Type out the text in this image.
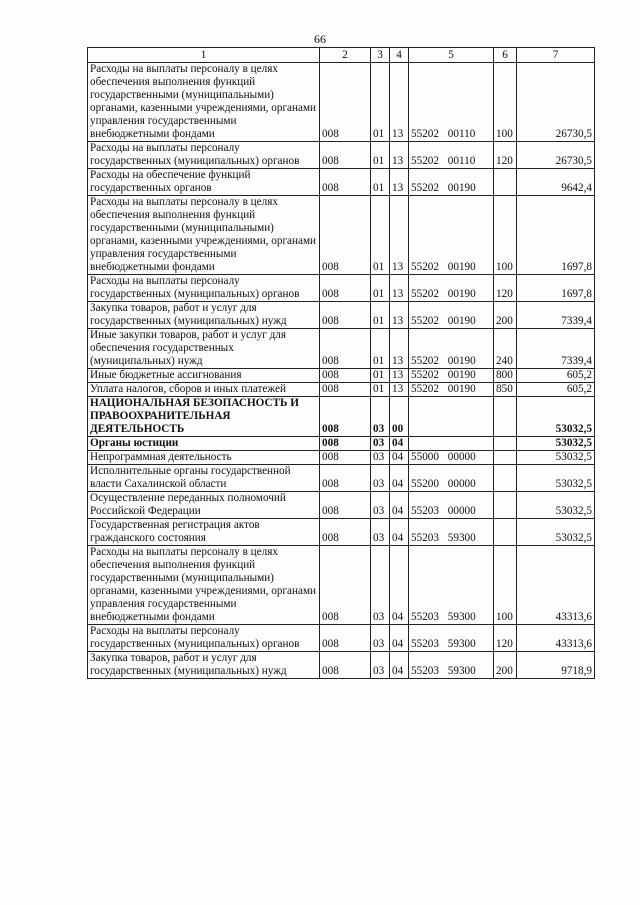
66
1	2	3	4	5	6	7
Расходы на выплаты персоналу в целях обеспечения выполнения функций государственными (муниципальными) органами, казенными учреждениями, органами управления государственными внебюджетными фондами	008	01	13	55202 00110	100	26730,5
Расходы на выплаты персоналу государственных (муниципальных) органов	008	01	13	55202 00110	120	26730,5
Расходы на обеспечение функций государственных органов	008	01	13	55202 00190		9642,4
Расходы на выплаты персоналу в целях обеспечения выполнения функций государственными (муниципальными) органами, казенными учреждениями, органами управления государственными внебюджетными фондами	008	01	13	55202 00190	100	1697,8
Расходы на выплаты персоналу государственных (муниципальных) органов	008	01	13	55202 00190	120	1697,8
Закупка товаров, работ и услуг для государственных (муниципальных) нужд	008	01	13	55202 00190	200	7339,4
Иные закупки товаров, работ и услуг для обеспечения государственных (муниципальных) нужд	008	01	13	55202 00190	240	7339,4
Иные бюджетные ассигнования	008	01	13	55202 00190	800	605,2
Уплата налогов, сборов и иных платежей	008	01	13	55202 00190	850	605,2
НАЦИОНАЛЬНАЯ БЕЗОПАСНОСТЬ И ПРАВООХРАНИТЕЛЬНАЯ ДЕЯТЕЛЬНОСТЬ	008	03	00			53032,5
Органы юстиции	008	03	04			53032,5
Непрограммная деятельность	008	03	04	55000 00000		53032,5
Исполнительные органы государственной власти Сахалинской области	008	03	04	55200 00000		53032,5
Осуществление переданных полномочий Российской Федерации	008	03	04	55203 00000		53032,5
Государственная регистрация актов гражданского состояния	008	03	04	55203 59300		53032,5
Расходы на выплаты персоналу в целях обеспечения выполнения функций государственными (муниципальными) органами, казенными учреждениями, органами управления государственными внебюджетными фондами	008	03	04	55203 59300	100	43313,6
Расходы на выплаты персоналу государственных (муниципальных) органов	008	03	04	55203 59300	120	43313,6
Закупка товаров, работ и услуг для государственных (муниципальных) нужд	008	03	04	55203 59300	200	9718,9
